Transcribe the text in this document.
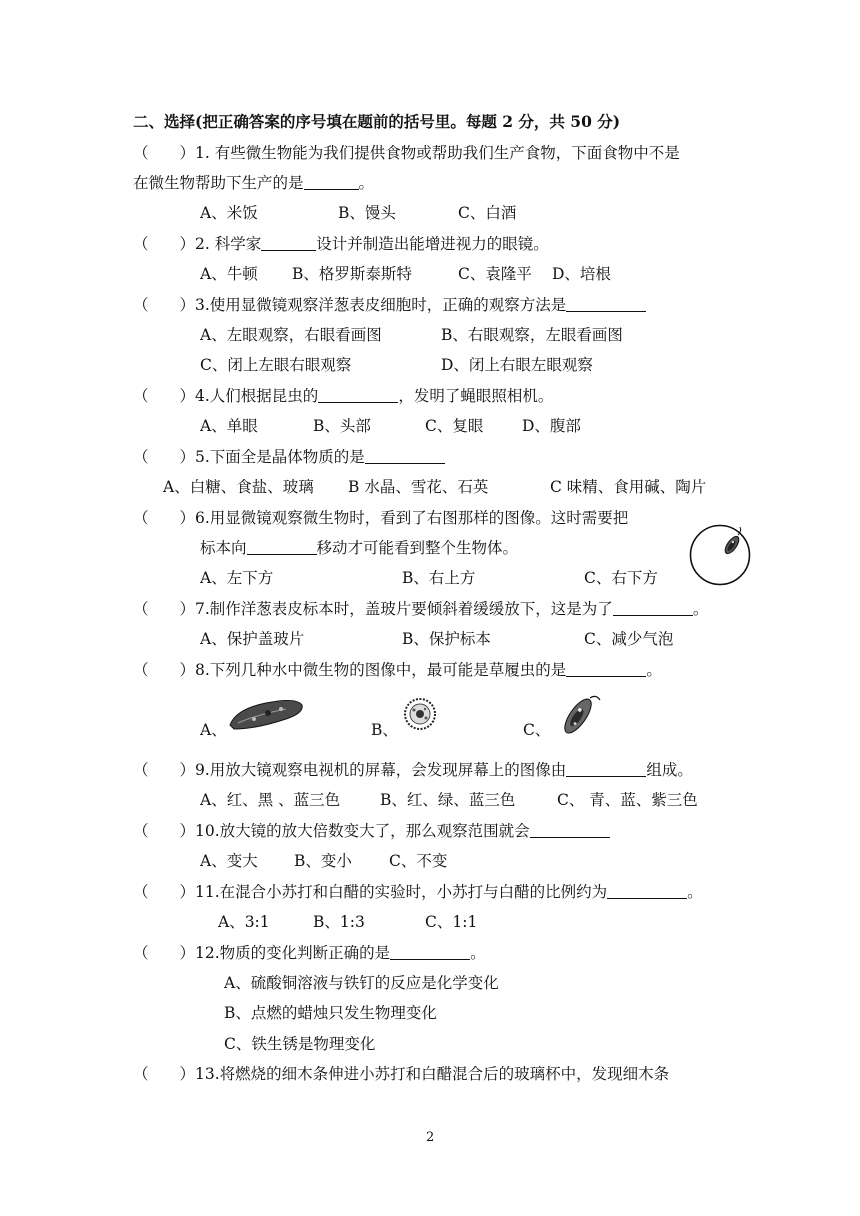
二、选择(把正确答案的序号填在题前的括号里。每题 2 分，共 50 分)
（　　）1. 有些微生物能为我们提供食物或帮助我们生产食物，下面食物中不是
在微生物帮助下生产的是	。
A、米饭	B、馒头	C、白酒
（　　）2. 科学家	设计并制造出能增进视力的眼镜。
A、牛顿 B、格罗斯泰斯特	C、袁隆平 D、培根
（　　）3.使用显微镜观察洋葱表皮细胞时，正确的观察方法是
A、左眼观察，右眼看画图	B、右眼观察，左眼看画图
C、闭上左眼右眼观察	D、闭上右眼左眼观察
（　　）4.人们根据昆虫的	，发明了蝇眼照相机。
A、单眼	B、头部	C、复眼 D、腹部
（　　）5.下面全是晶体物质的是
A、白糖、食盐、玻璃 B 水晶、雪花、石英	C 味精、食用碱、陶片
（　　）6.用显微镜观察微生物时，看到了右图那样的图像。这时需要把
标本向	移动才可能看到整个生物体。
A、左下方	B、右上方	C、右下方
（　　）7.制作洋葱表皮标本时，盖玻片要倾斜着缓缓放下，这是为了	。
A、保护盖玻片	B、保护标本	C、减少气泡
（　　）8.下列几种水中微生物的图像中，最可能是草履虫的是	。
A、	B、	C、
（　　）9.用放大镜观察电视机的屏幕，会发现屏幕上的图像由	组成。
A、红、黑 、蓝三色	B、红、绿、蓝三色	C、 青、蓝、紫三色
（　　）10.放大镜的放大倍数变大了，那么观察范围就会
A、变大 B、变小 C、不变
（　　）11.在混合小苏打和白醋的实验时，小苏打与白醋的比例约为	。
A、3:1	B、1:3	C、1:1
（　　）12.物质的变化判断正确的是	。
A、硫酸铜溶液与铁钉的反应是化学变化
B、点燃的蜡烛只发生物理变化
C、铁生锈是物理变化
（　　）13.将燃烧的细木条伸进小苏打和白醋混合后的玻璃杯中，发现细木条
2
